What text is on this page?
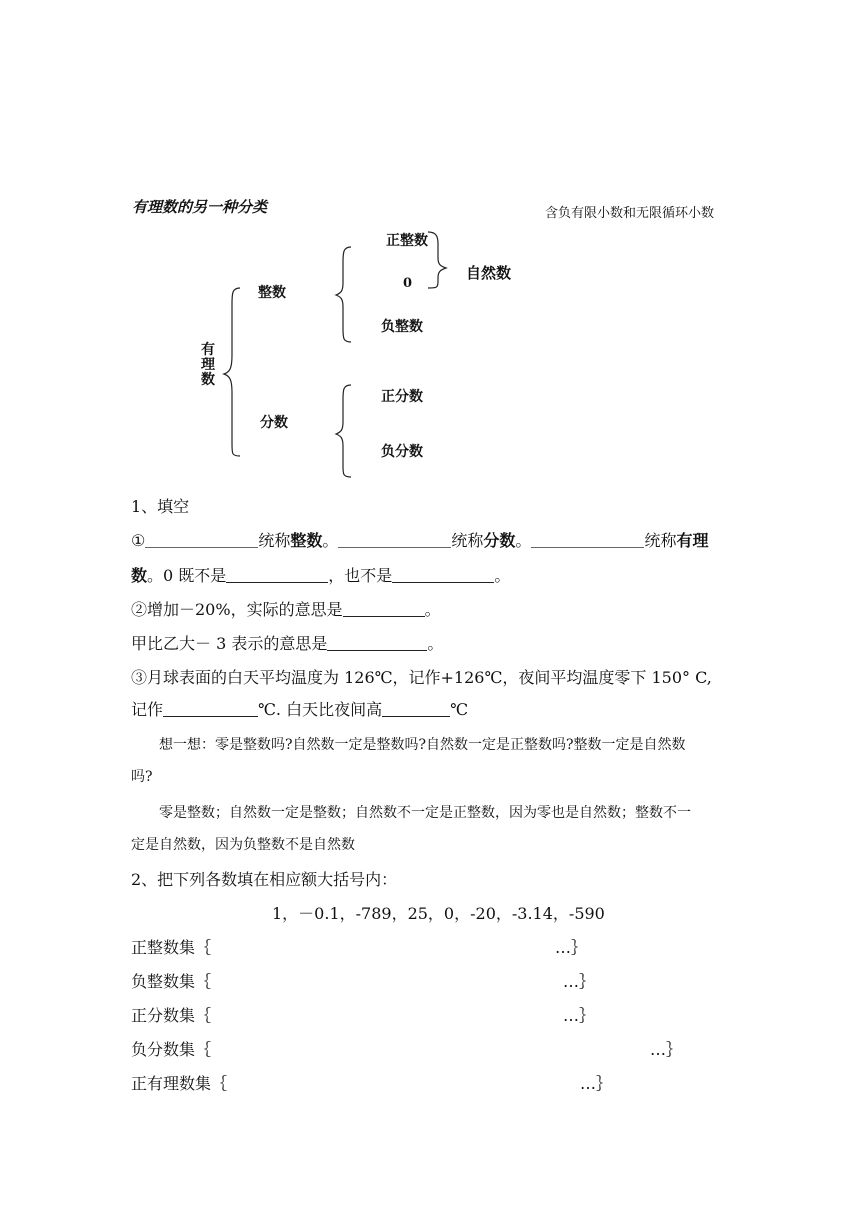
有理数的另一种分类	含负有限小数和无限循环小数
有
理
数
整数
分数
正整数
0
自然数
负整数
正分数
负分数
1、填空
①	统称整数。	统称分数。	统称有理
数。0 既不是	，也不是	。
②增加－20%，实际的意思是	。
甲比乙大－ 3 表示的意思是	。
③月球表面的白天平均温度为 126℃，记作+126℃，夜间平均温度零下 150° C,
记作	℃. 白天比夜间高	℃
想一想：零是整数吗?自然数一定是整数吗?自然数一定是正整数吗?整数一定是自然数
吗?
零是整数；自然数一定是整数；自然数不一定是正整数，因为零也是自然数；整数不一
定是自然数，因为负整数不是自然数
2、把下列各数填在相应额大括号内：
1，－0.1，-789，25，0，-20，-3.14，-590
正整数集｛	…｝
负整数集｛	…｝
正分数集｛	…｝
负分数集｛	…｝
正有理数集｛	…｝
